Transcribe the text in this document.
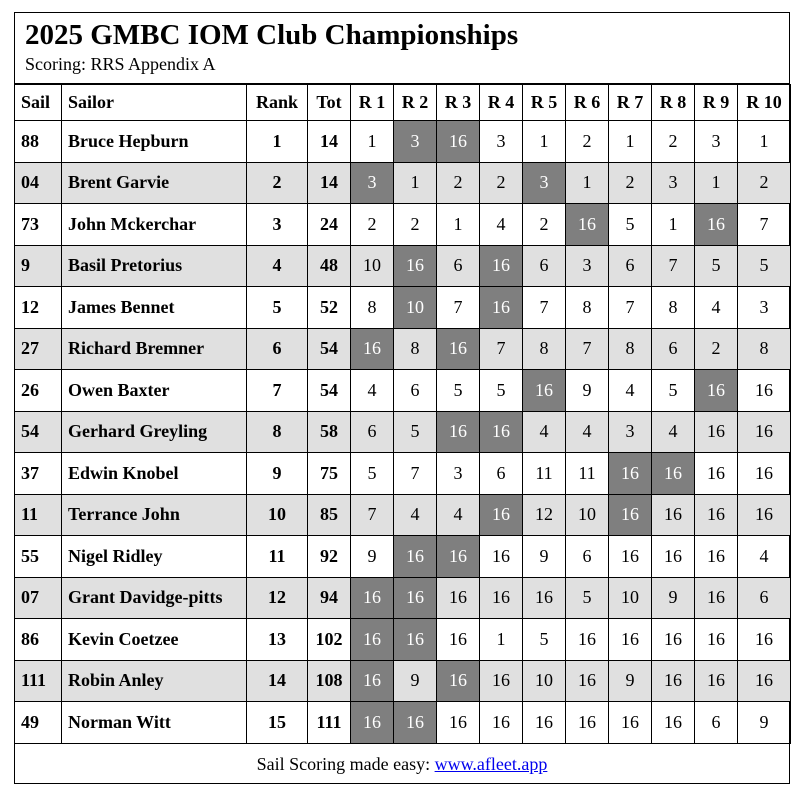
2025 GMBC IOM Club Championships
Scoring: RRS Appendix A
Sail	Sailor	Rank	Tot	R 1	R 2	R 3	R 4	R 5	R 6	R 7	R 8	R 9	R 10
88	Bruce Hepburn	1	14	1	3	16	3	1	2	1	2	3	1
04	Brent Garvie	2	14	3	1	2	2	3	1	2	3	1	2
73	John Mckerchar	3	24	2	2	1	4	2	16	5	1	16	7
9	Basil Pretorius	4	48	10	16	6	16	6	3	6	7	5	5
12	James Bennet	5	52	8	10	7	16	7	8	7	8	4	3
27	Richard Bremner	6	54	16	8	16	7	8	7	8	6	2	8
26	Owen Baxter	7	54	4	6	5	5	16	9	4	5	16	16
54	Gerhard Greyling	8	58	6	5	16	16	4	4	3	4	16	16
37	Edwin Knobel	9	75	5	7	3	6	11	11	16	16	16	16
11	Terrance John	10	85	7	4	4	16	12	10	16	16	16	16
55	Nigel Ridley	11	92	9	16	16	16	9	6	16	16	16	4
07	Grant Davidge-pitts	12	94	16	16	16	16	16	5	10	9	16	6
86	Kevin Coetzee	13	102	16	16	16	1	5	16	16	16	16	16
111	Robin Anley	14	108	16	9	16	16	10	16	9	16	16	16
49	Norman Witt	15	111	16	16	16	16	16	16	16	16	6	9
Sail Scoring made easy: www.afleet.app
